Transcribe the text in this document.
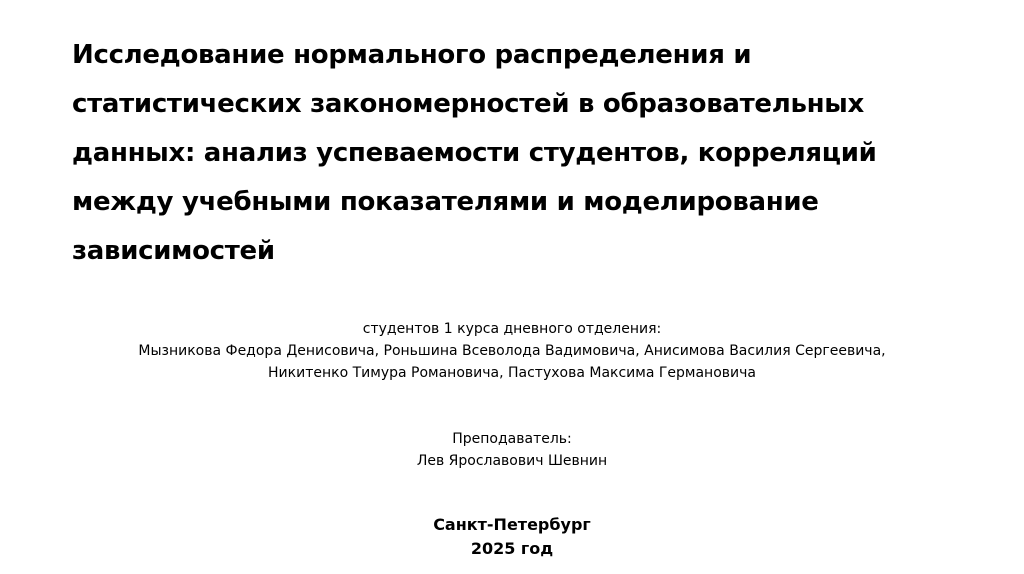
Исследование нормального распределения и статистических закономерностей в образовательных данных: анализ успеваемости студентов, корреляций между учебными показателями и моделирование зависимостей
студентов 1 курса дневного отделения:
Мызникова Федора Денисовича, Роньшина Всеволода Вадимовича, Анисимова Василия Сергеевича,
Никитенко Тимура Романовича, Пастухова Максима Германовича
Преподаватель:
Лев Ярославович Шевнин
Санкт-Петербург
2025 год
